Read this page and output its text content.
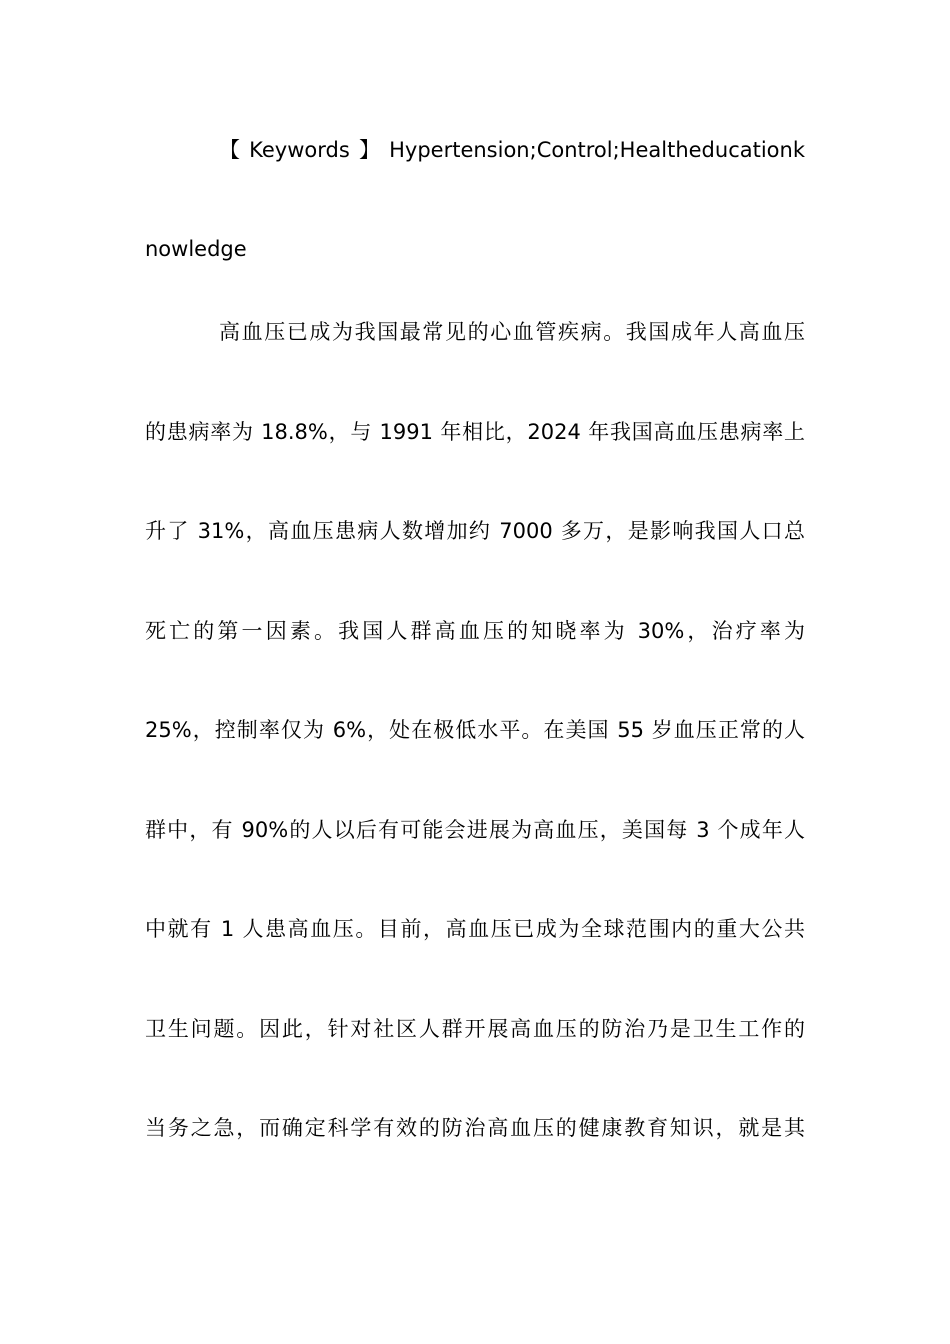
【Keywords】Hypertension;Control;Healtheducationk
nowledge
高血压已成为我国最常见的心血管疾病。我国成年人高血压
的患病率为 18.8%，与 1991 年相比，2024 年我国高血压患病率上
升了 31%，高血压患病人数增加约 7000 多万，是影响我国人口总
死亡的第一因素。我国人群高血压的知晓率为 30%，治疗率为
25%，控制率仅为 6%，处在极低水平。在美国 55 岁血压正常的人
群中，有 90%的人以后有可能会进展为高血压，美国每 3 个成年人
中就有 1 人患高血压。目前，高血压已成为全球范围内的重大公共
卫生问题。因此，针对社区人群开展高血压的防治乃是卫生工作的
当务之急，而确定科学有效的防治高血压的健康教育知识，就是其
